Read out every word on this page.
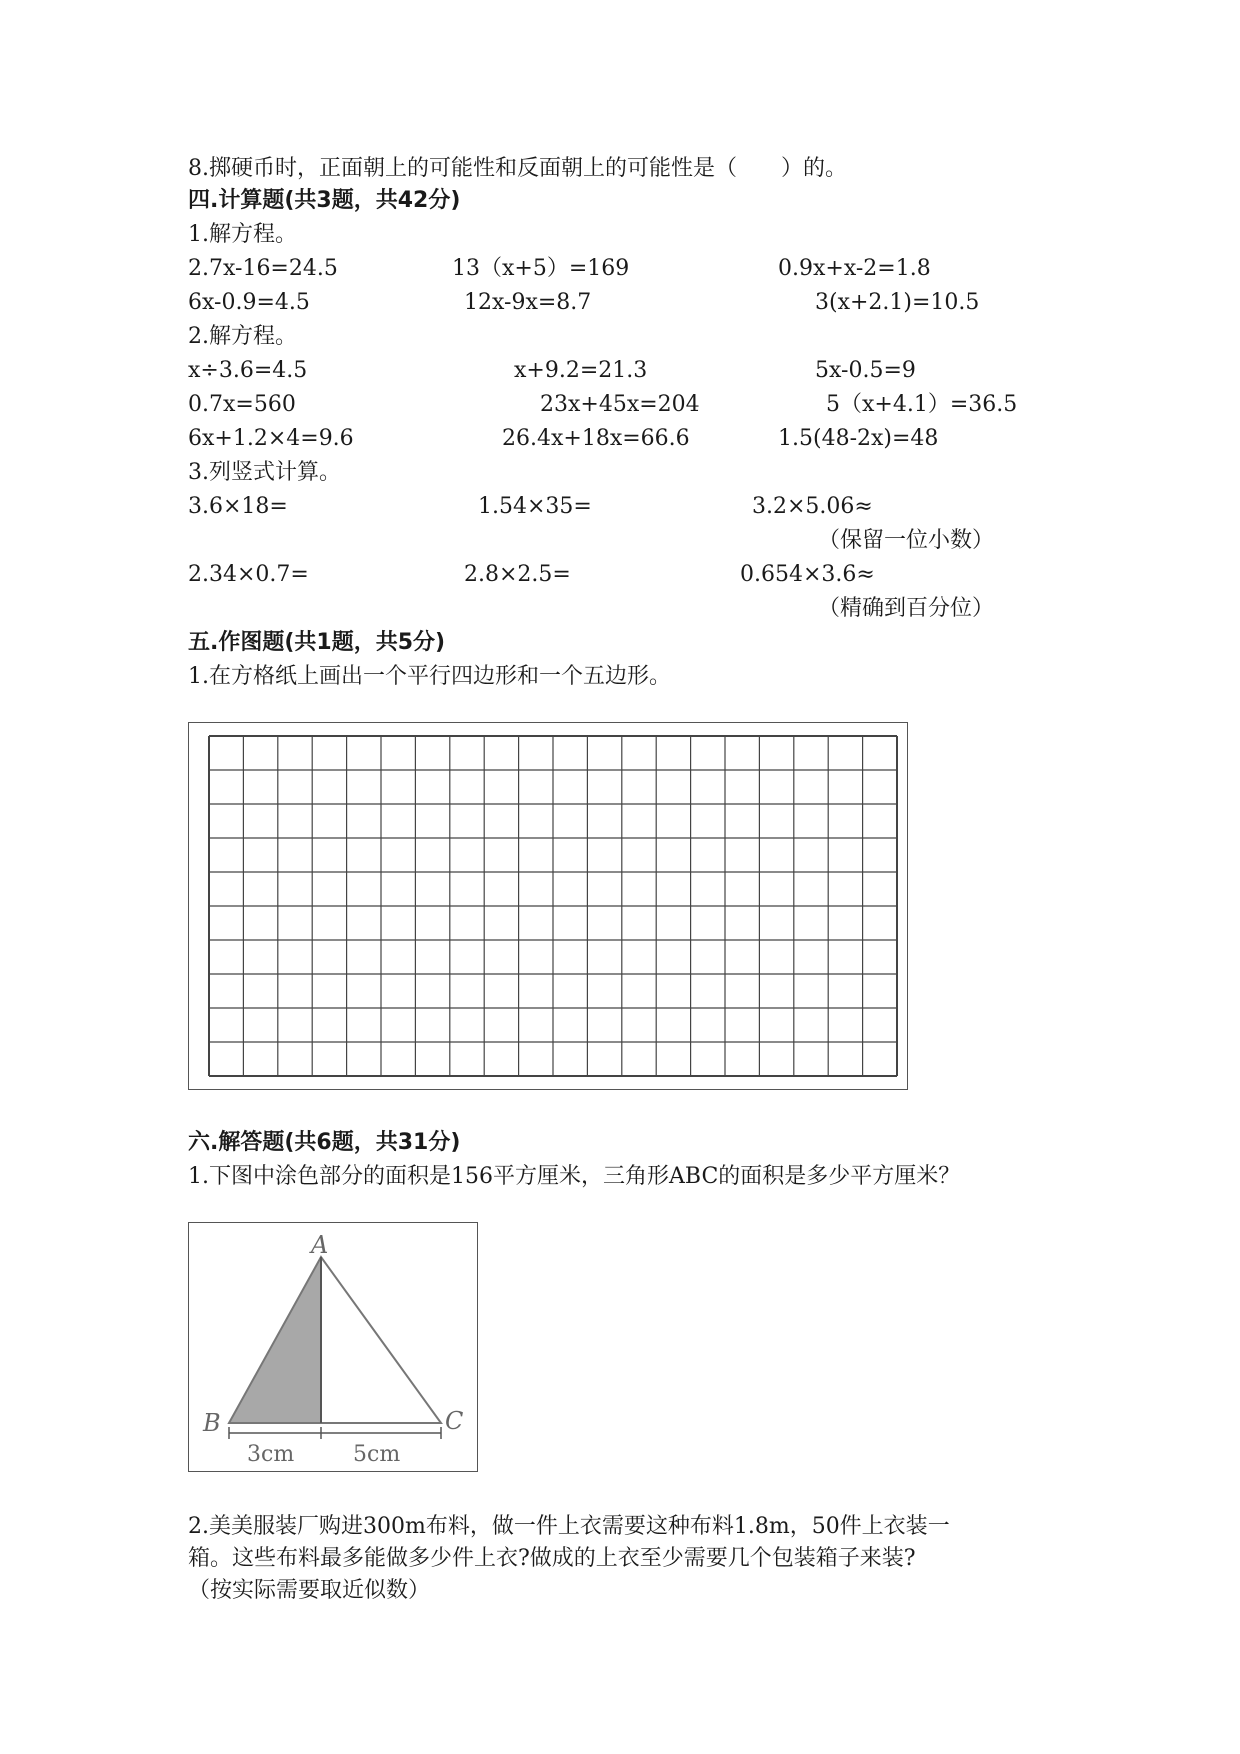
8.掷硬币时，正面朝上的可能性和反面朝上的可能性是（　　）的。
四.计算题(共3题，共42分)
1.解方程。
2.7x-16=24.5	13（x+5）=169	0.9x+x-2=1.8
6x-0.9=4.5	12x-9x=8.7	3(x+2.1)=10.5
2.解方程。
x÷3.6=4.5	x+9.2=21.3	5x-0.5=9
0.7x=560	23x+45x=204	5（x+4.1）=36.5
6x+1.2×4=9.6	26.4x+18x=66.6	1.5(48-2x)=48
3.列竖式计算。
3.6×18=	1.54×35=	3.2×5.06≈
（保留一位小数）
2.34×0.7=	2.8×2.5=	0.654×3.6≈
（精确到百分位）
五.作图题(共1题，共5分)
1.在方格纸上画出一个平行四边形和一个五边形。
六.解答题(共6题，共31分)
1.下图中涂色部分的面积是156平方厘米，三角形ABC的面积是多少平方厘米？
A
B	C
3cm	5cm
2.美美服装厂购进300m布料，做一件上衣需要这种布料1.8m，50件上衣装一
箱。这些布料最多能做多少件上衣?做成的上衣至少需要几个包装箱子来装?
（按实际需要取近似数）
